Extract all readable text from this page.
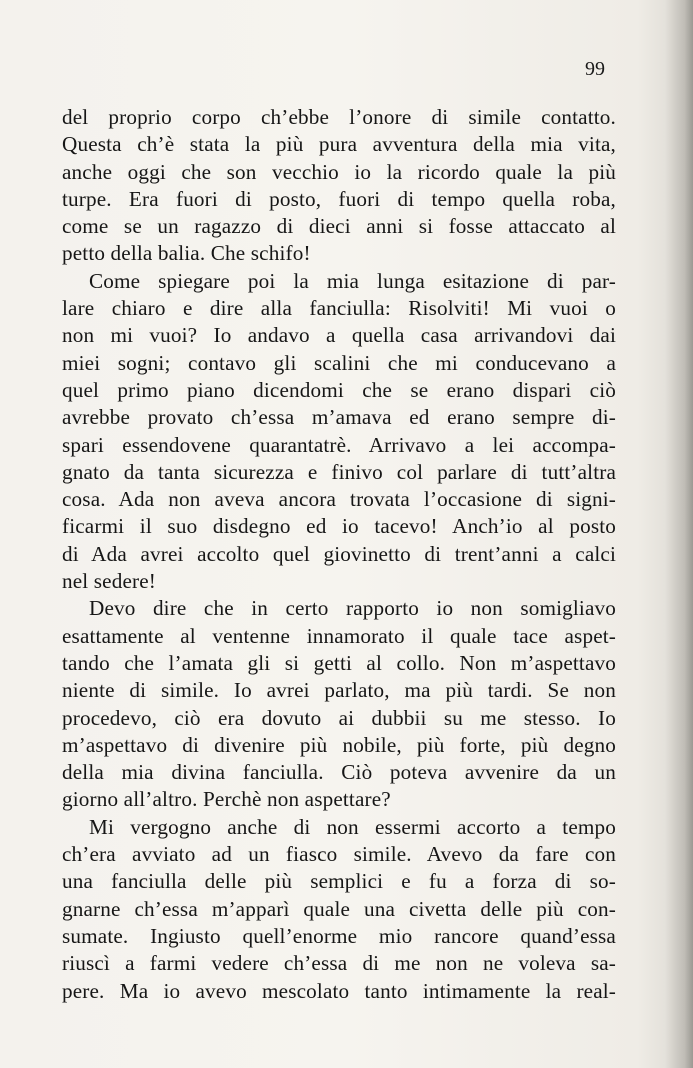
99
del proprio corpo ch’ebbe l’onore di simile contatto.
Questa ch’è stata la più pura avventura della mia vita,
anche oggi che son vecchio io la ricordo quale la più
turpe. Era fuori di posto, fuori di tempo quella roba,
come se un ragazzo di dieci anni si fosse attaccato al
petto della balia. Che schifo!
Come spiegare poi la mia lunga esitazione di par-
lare chiaro e dire alla fanciulla: Risolviti! Mi vuoi o
non mi vuoi? Io andavo a quella casa arrivandovi dai
miei sogni; contavo gli scalini che mi conducevano a
quel primo piano dicendomi che se erano dispari ciò
avrebbe provato ch’essa m’amava ed erano sempre di-
spari essendovene quarantatrè. Arrivavo a lei accompa-
gnato da tanta sicurezza e finivo col parlare di tutt’altra
cosa. Ada non aveva ancora trovata l’occasione di signi-
ficarmi il suo disdegno ed io tacevo! Anch’io al posto
di Ada avrei accolto quel giovinetto di trent’anni a calci
nel sedere!
Devo dire che in certo rapporto io non somigliavo
esattamente al ventenne innamorato il quale tace aspet-
tando che l’amata gli si getti al collo. Non m’aspettavo
niente di simile. Io avrei parlato, ma più tardi. Se non
procedevo, ciò era dovuto ai dubbii su me stesso. Io
m’aspettavo di divenire più nobile, più forte, più degno
della mia divina fanciulla. Ciò poteva avvenire da un
giorno all’altro. Perchè non aspettare?
Mi vergogno anche di non essermi accorto a tempo
ch’era avviato ad un fiasco simile. Avevo da fare con
una fanciulla delle più semplici e fu a forza di so-
gnarne ch’essa m’apparì quale una civetta delle più con-
sumate. Ingiusto quell’enorme mio rancore quand’essa
riuscì a farmi vedere ch’essa di me non ne voleva sa-
pere. Ma io avevo mescolato tanto intimamente la real-
